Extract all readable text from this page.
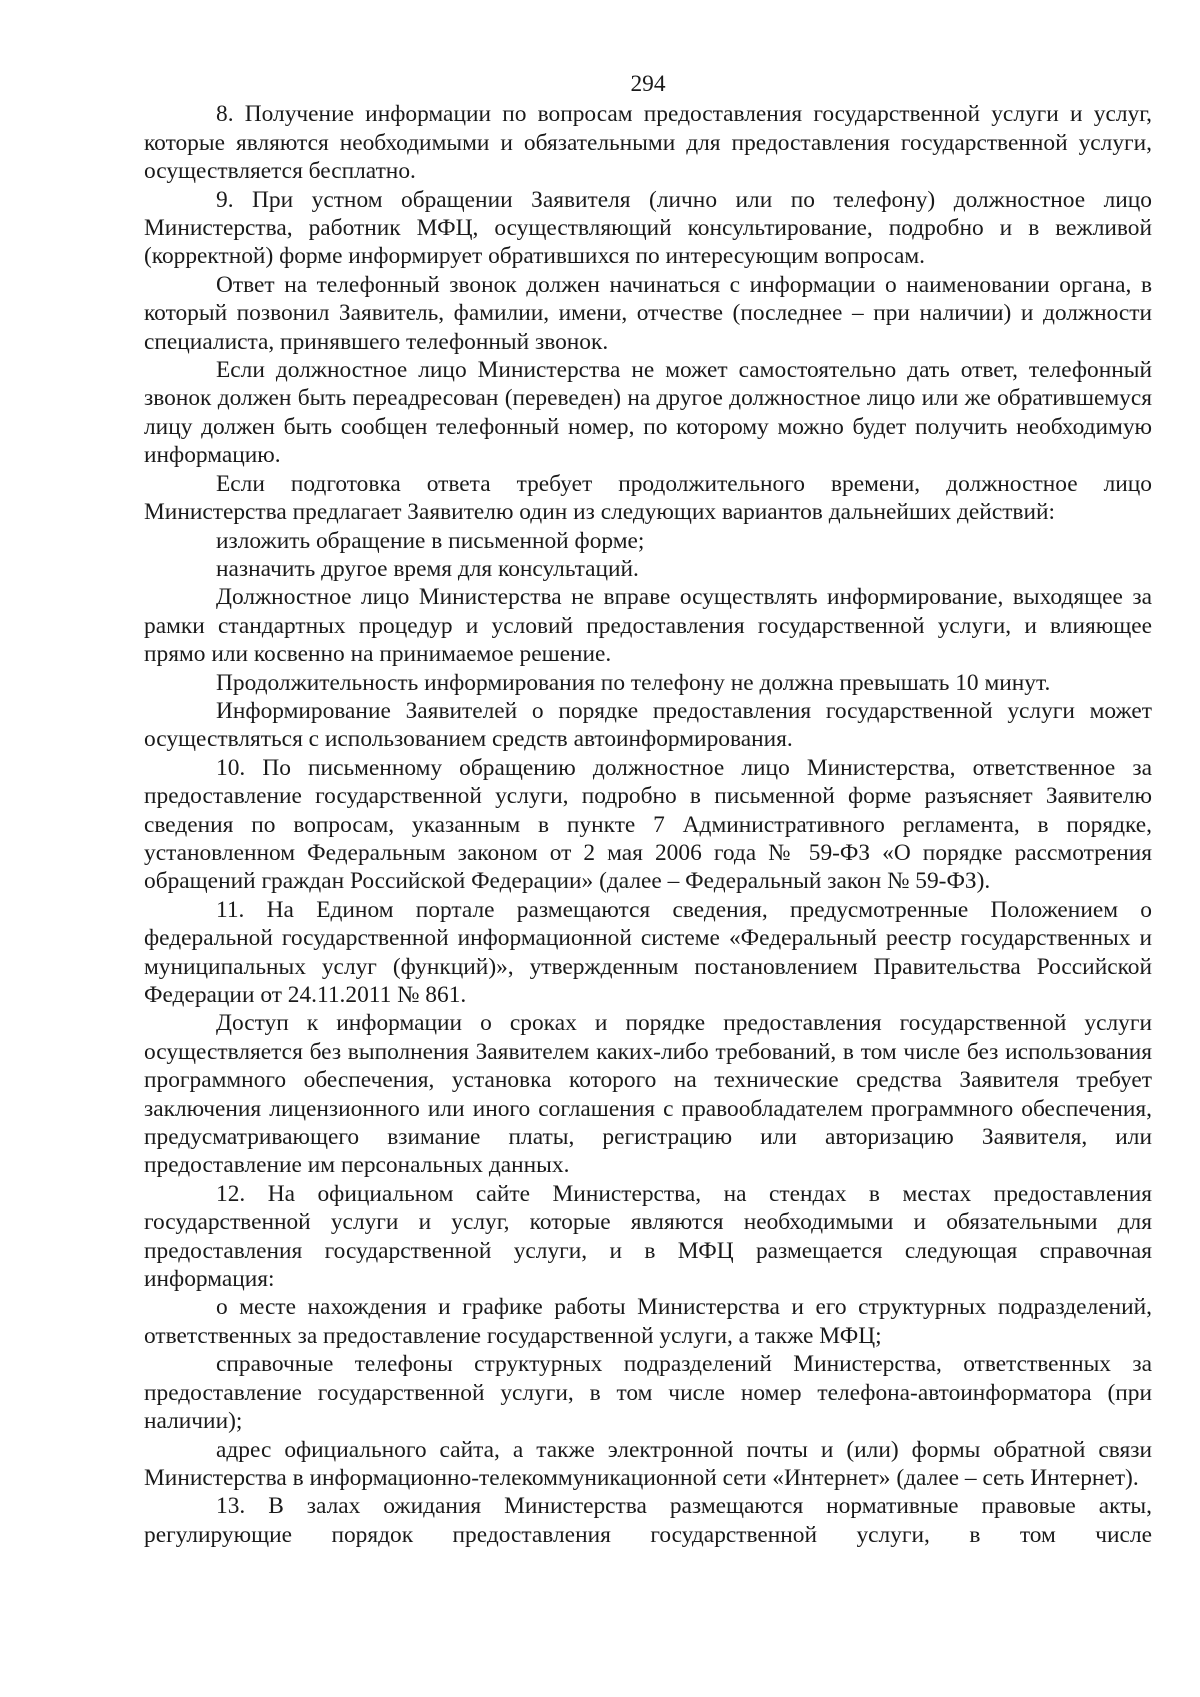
294

8. Получение информации по вопросам предоставления государственной услуги и услуг, которые являются необходимыми и обязательными для предоставления государственной услуги, осуществляется бесплатно.

9. При устном обращении Заявителя (лично или по телефону) должностное лицо Министерства, работник МФЦ, осуществляющий консультирование, подробно и в вежливой (корректной) форме информирует обратившихся по интересующим вопросам.

Ответ на телефонный звонок должен начинаться с информации о наименовании органа, в который позвонил Заявитель, фамилии, имени, отчестве (последнее – при наличии) и должности специалиста, принявшего телефонный звонок.

Если должностное лицо Министерства не может самостоятельно дать ответ, телефонный звонок должен быть переадресован (переведен) на другое должностное лицо или же обратившемуся лицу должен быть сообщен телефонный номер, по которому можно будет получить необходимую информацию.

Если подготовка ответа требует продолжительного времени, должностное лицо Министерства предлагает Заявителю один из следующих вариантов дальнейших действий:

изложить обращение в письменной форме;

назначить другое время для консультаций.

Должностное лицо Министерства не вправе осуществлять информирование, выходящее за рамки стандартных процедур и условий предоставления государственной услуги, и влияющее прямо или косвенно на принимаемое решение.

Продолжительность информирования по телефону не должна превышать 10 минут.

Информирование Заявителей о порядке предоставления государственной услуги может осуществляться с использованием средств автоинформирования.

10. По письменному обращению должностное лицо Министерства, ответственное за предоставление государственной услуги, подробно в письменной форме разъясняет Заявителю сведения по вопросам, указанным в пункте 7 Административного регламента, в порядке, установленном Федеральным законом от 2 мая 2006 года № 59-ФЗ «О порядке рассмотрения обращений граждан Российской Федерации» (далее – Федеральный закон № 59-ФЗ).

11. На Едином портале размещаются сведения, предусмотренные Положением о федеральной государственной информационной системе «Федеральный реестр государственных и муниципальных услуг (функций)», утвержденным постановлением Правительства Российской Федерации от 24.11.2011 № 861.

Доступ к информации о сроках и порядке предоставления государственной услуги осуществляется без выполнения Заявителем каких-либо требований, в том числе без использования программного обеспечения, установка которого на технические средства Заявителя требует заключения лицензионного или иного соглашения с правообладателем программного обеспечения, предусматривающего взимание платы, регистрацию или авторизацию Заявителя, или предоставление им персональных данных.

12. На официальном сайте Министерства, на стендах в местах предоставления государственной услуги и услуг, которые являются необходимыми и обязательными для предоставления государственной услуги, и в МФЦ размещается следующая справочная информация:

о месте нахождения и графике работы Министерства и его структурных подразделений, ответственных за предоставление государственной услуги, а также МФЦ;

справочные телефоны структурных подразделений Министерства, ответственных за предоставление государственной услуги, в том числе номер телефона-автоинформатора (при наличии);

адрес официального сайта, а также электронной почты и (или) формы обратной связи Министерства в информационно-телекоммуникационной сети «Интернет» (далее – сеть Интернет).

13. В залах ожидания Министерства размещаются нормативные правовые акты, регулирующие порядок предоставления государственной услуги, в том числе
